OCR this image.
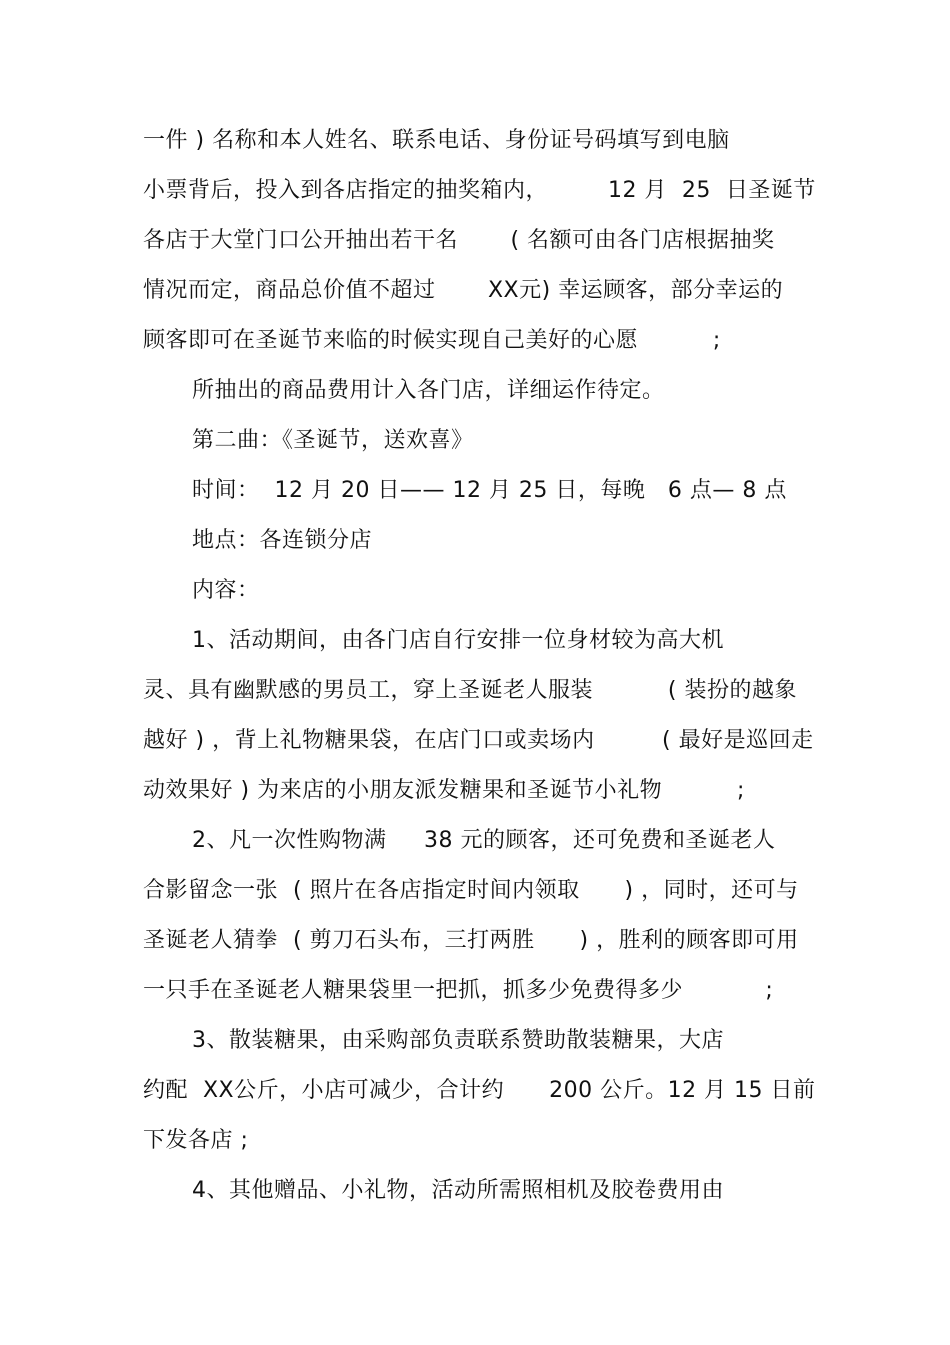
一件 ) 名称和本人姓名、联系电话、身份证号码填写到电脑
小票背后，投入到各店指定的抽奖箱内，        12 月  25  日圣诞节
各店于大堂门口公开抽出若干名       ( 名额可由各门店根据抽奖
情况而定，商品总价值不超过       XX元) 幸运顾客，部分幸运的
顾客即可在圣诞节来临的时候实现自己美好的心愿          ;
所抽出的商品费用计入各门店，详细运作待定。
第二曲：《圣诞节，送欢喜》
时间：  12 月 20 日—— 12 月 25 日，每晚   6 点— 8 点
地点：各连锁分店
内容：
1、活动期间，由各门店自行安排一位身材较为高大机
灵、具有幽默感的男员工，穿上圣诞老人服装          ( 装扮的越象
越好 ) ，背上礼物糖果袋，在店门口或卖场内         ( 最好是巡回走
动效果好 ) 为来店的小朋友派发糖果和圣诞节小礼物          ;
2、凡一次性购物满     38 元的顾客，还可免费和圣诞老人
合影留念一张  ( 照片在各店指定时间内领取      ) ，同时，还可与
圣诞老人猜拳  ( 剪刀石头布，三打两胜      ) ，胜利的顾客即可用
一只手在圣诞老人糖果袋里一把抓，抓多少免费得多少           ;
3、散装糖果，由采购部负责联系赞助散装糖果，大店
约配  XX公斤，小店可减少，合计约      200 公斤。12 月 15 日前
下发各店 ;
4、其他赠品、小礼物，活动所需照相机及胶卷费用由
